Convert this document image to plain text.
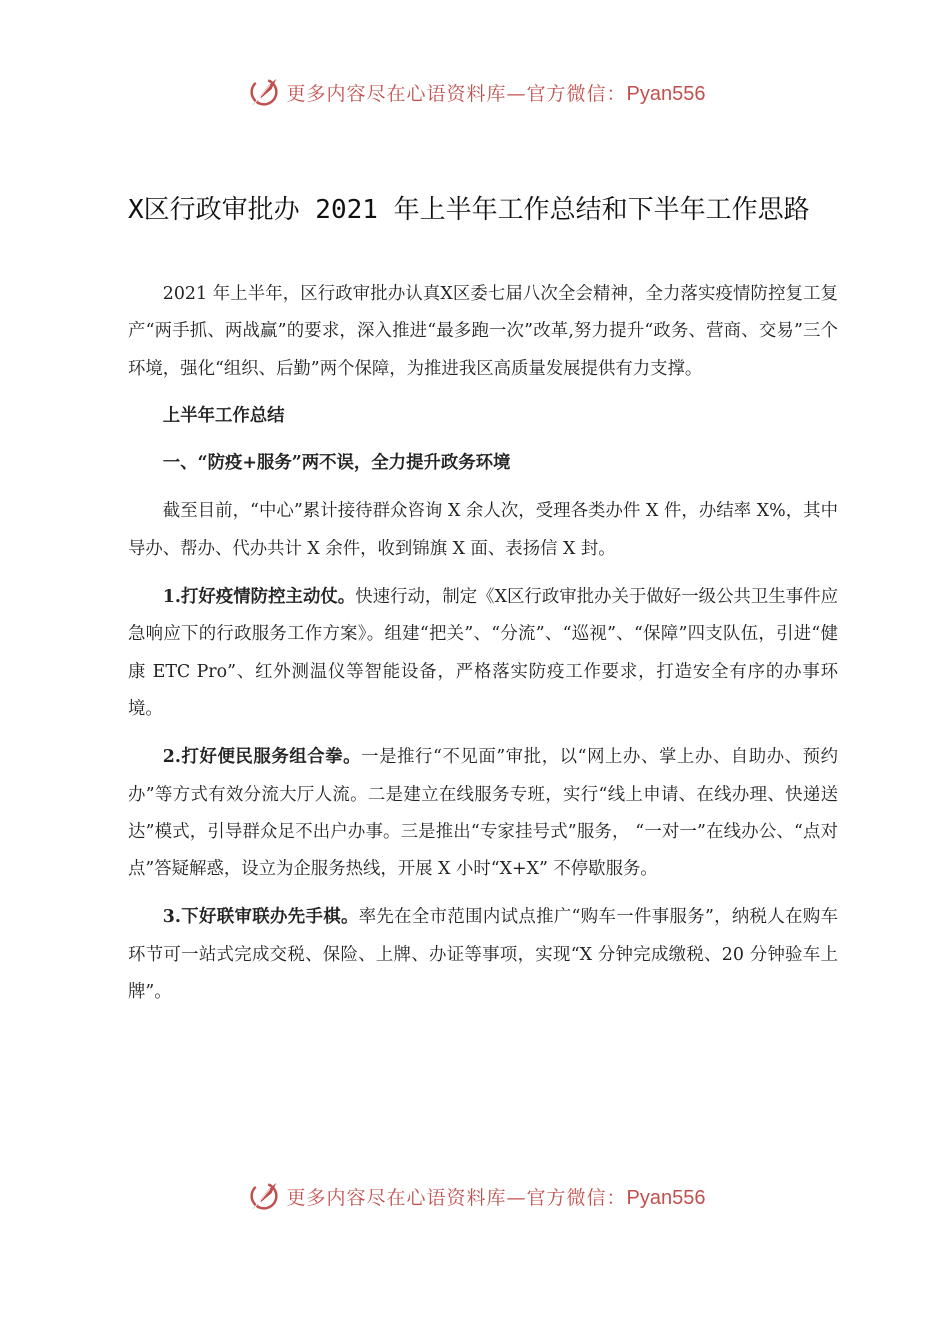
更多内容尽在心语资料库—官方微信：Pyan556
X区行政审批办 2021 年上半年工作总结和下半年工作思路

2021 年上半年，区行政审批办认真X区委七届八次全会精神，全力落实疫情防控复工复产“两手抓、两战赢”的要求，深入推进“最多跑一次”改革,努力提升“政务、营商、交易”三个环境，强化“组织、后勤”两个保障，为推进我区高质量发展提供有力支撑。

上半年工作总结

一、“防疫+服务”两不误，全力提升政务环境

截至目前，“中心”累计接待群众咨询 X 余人次，受理各类办件 X 件，办结率 X%，其中导办、帮办、代办共计 X 余件，收到锦旗 X 面、表扬信 X 封。

1.打好疫情防控主动仗。快速行动，制定《X区行政审批办关于做好一级公共卫生事件应急响应下的行政服务工作方案》。组建“把关”、“分流”、“巡视”、“保障”四支队伍，引进“健康 ETC Pro”、红外测温仪等智能设备，严格落实防疫工作要求，打造安全有序的办事环境。

2.打好便民服务组合拳。一是推行“不见面”审批，以“网上办、掌上办、自助办、预约办”等方式有效分流大厅人流。二是建立在线服务专班，实行“线上申请、在线办理、快递送达”模式，引导群众足不出户办事。三是推出“专家挂号式”服务， “一对一”在线办公、“点对点”答疑解惑，设立为企服务热线，开展 X 小时“X+X” 不停歇服务。

3.下好联审联办先手棋。率先在全市范围内试点推广“购车一件事服务”，纳税人在购车环节可一站式完成交税、保险、上牌、办证等事项，实现“X 分钟完成缴税、20 分钟验车上牌”。

更多内容尽在心语资料库—官方微信：Pyan556
